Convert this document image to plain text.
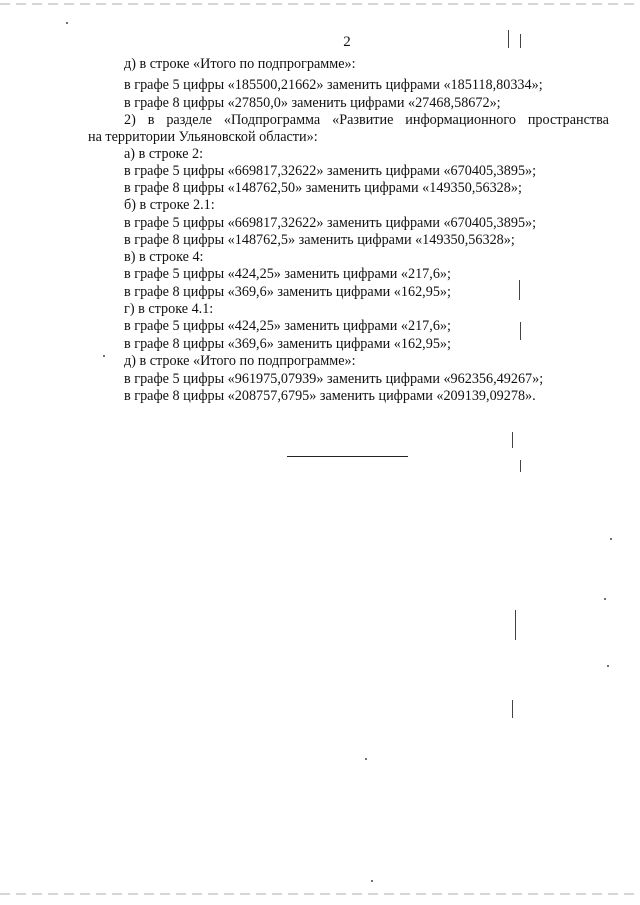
2
д) в строке «Итого по подпрограмме»:
в графе 5 цифры «185500,21662» заменить цифрами «185118,80334»;
в графе 8 цифры «27850,0» заменить цифрами «27468,58672»;
2) в разделе «Подпрограмма «Развитие информационного пространства
на территории Ульяновской области»:
а) в строке 2:
в графе 5 цифры «669817,32622» заменить цифрами «670405,3895»;
в графе 8 цифры «148762,50» заменить цифрами «149350,56328»;
б) в строке 2.1:
в графе 5 цифры «669817,32622» заменить цифрами «670405,3895»;
в графе 8 цифры «148762,5» заменить цифрами «149350,56328»;
в) в строке 4:
в графе 5 цифры «424,25» заменить цифрами «217,6»;
в графе 8 цифры «369,6» заменить цифрами «162,95»;
г) в строке 4.1:
в графе 5 цифры «424,25» заменить цифрами «217,6»;
в графе 8 цифры «369,6» заменить цифрами «162,95»;
д) в строке «Итого по подпрограмме»:
в графе 5 цифры «961975,07939» заменить цифрами «962356,49267»;
в графе 8 цифры «208757,6795» заменить цифрами «209139,09278».
